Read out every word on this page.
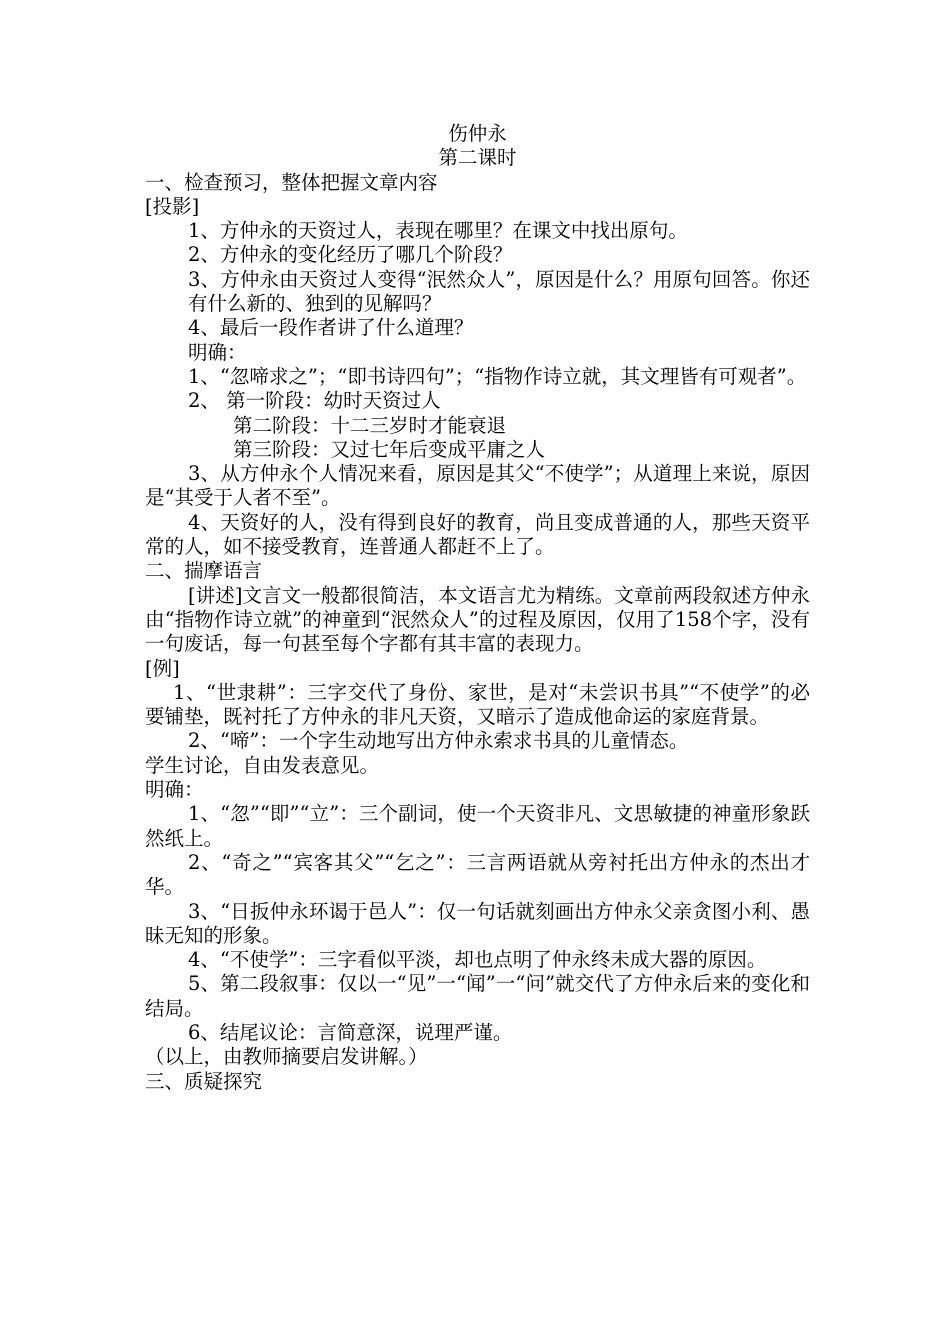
伤仲永
第二课时
一、检查预习，整体把握文章内容
[投影]
1、方仲永的天资过人，表现在哪里？在课文中找出原句。
2、方仲永的变化经历了哪几个阶段？
3、方仲永由天资过人变得“泯然众人”，原因是什么？用原句回答。你还有什么新的、独到的见解吗？
4、最后一段作者讲了什么道理？
明确：
1、“忽啼求之”；“即书诗四句”；“指物作诗立就，其文理皆有可观者”。
2、 第一阶段：幼时天资过人
第二阶段：十二三岁时才能衰退
第三阶段：又过七年后变成平庸之人
3、从方仲永个人情况来看，原因是其父“不使学”；从道理上来说，原因是“其受于人者不至”。
4、天资好的人，没有得到良好的教育，尚且变成普通的人，那些天资平常的人，如不接受教育，连普通人都赶不上了。
二、揣摩语言
[讲述]文言文一般都很简洁，本文语言尤为精练。文章前两段叙述方仲永由“指物作诗立就”的神童到“泯然众人”的过程及原因，仅用了158个字，没有一句废话，每一句甚至每个字都有其丰富的表现力。
[例]
1、“世隶耕”：三字交代了身份、家世，是对“未尝识书具”“不使学”的必要铺垫，既衬托了方仲永的非凡天资，又暗示了造成他命运的家庭背景。
2、“啼”：一个字生动地写出方仲永索求书具的儿童情态。
学生讨论，自由发表意见。
明确：
1、“忽”“即”“立”：三个副词，使一个天资非凡、文思敏捷的神童形象跃然纸上。
2、“奇之”“宾客其父”“乞之”：三言两语就从旁衬托出方仲永的杰出才华。
3、“日扳仲永环谒于邑人”：仅一句话就刻画出方仲永父亲贪图小利、愚昧无知的形象。
4、“不使学”：三字看似平淡，却也点明了仲永终未成大器的原因。
5、第二段叙事：仅以一“见”一“闻”一“问”就交代了方仲永后来的变化和结局。
6、结尾议论：言简意深，说理严谨。
（以上，由教师摘要启发讲解。）
三、质疑探究
